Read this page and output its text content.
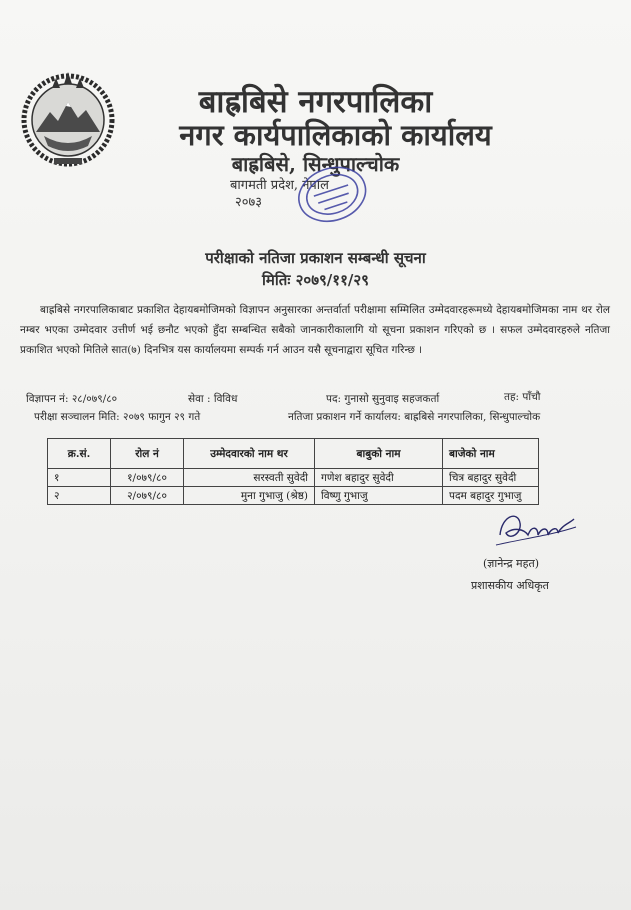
बाह्रबिसे नगरपालिका
नगर कार्यपालिकाको कार्यालय
बाह्रबिसे, सिन्धुपाल्चोक
बागमती प्रदेश, नेपाल
२०७३
परीक्षाको नतिजा प्रकाशन सम्बन्धी सूचना
मितिः २०७९/११/२९
बाह्रबिसे नगरपालिकाबाट प्रकाशित देहायबमोजिमको विज्ञापन अनुसारका अन्तर्वार्ता परीक्षामा सम्मिलित उम्मेदवारहरूमध्ये देहायबमोजिमका नाम थर रोल नम्बर भएका उम्मेदवार उत्तीर्ण भई छनौट भएको हुँदा सम्बन्धित सबैको जानकारीकालागि यो सूचना प्रकाशन गरिएको छ । सफल उम्मेदवारहरुले नतिजा प्रकाशित भएको मितिले सात(७) दिनभित्र यस कार्यालयमा सम्पर्क गर्न आउन यसै सूचनाद्वारा सूचित गरिन्छ ।
विज्ञापन नं: २८/०७९/८०	सेवा : विविध	पद: गुनासो सुनुवाइ सहजकर्ता	तह: पाँचौ
परीक्षा सञ्चालन मिति: २०७९ फागुन २९ गते	नतिजा प्रकाशन गर्ने कार्यालय: बाह्रबिसे नगरपालिका, सिन्धुपाल्चोक
क्र.सं.	रोल नं	उम्मेदवारको नाम थर	बाबुको नाम	बाजेको नाम
१	१/०७९/८०	सरस्वती सुवेदी	गणेश बहादुर सुवेदी	चित्र बहादुर सुवेदी
२	२/०७९/८०	मुना गुभाजु (श्रेष्ठ)	विष्णु गुभाजु	पदम बहादुर गुभाजु
(ज्ञानेन्द्र महत)
प्रशासकीय अधिकृत
